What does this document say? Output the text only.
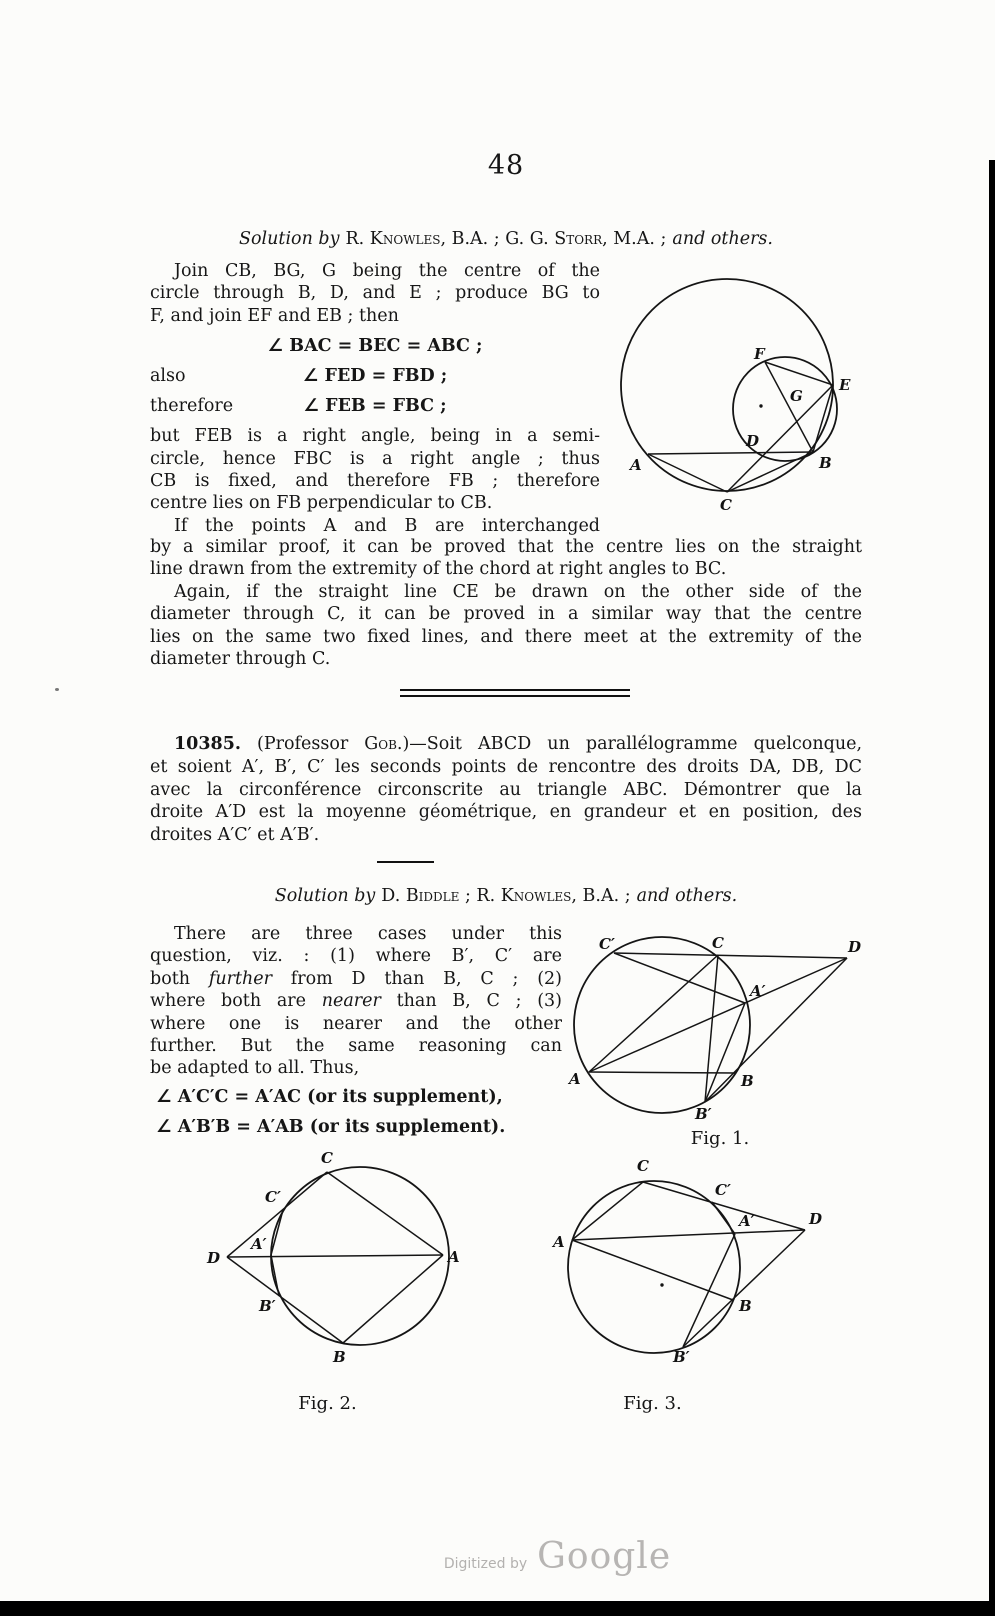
48
Solution by R. Knowles, B.A. ; G. G. Storr, M.A. ; and others.
Join CB, BG, G being the centre of the
circle through B, D, and E ; produce BG to
F, and join EF and EB ; then
∠ BAC = BEC = ABC ;
also	∠ FED = FBD ;
therefore	∠ FEB = FBC ;
but FEB is a right angle, being in a semi-
circle, hence FBC is a right angle ; thus
CB is fixed, and therefore FB ; therefore
centre lies on FB perpendicular to CB.
If the points A and B are interchanged
A	B
C
D
E
F
G
by a similar proof, it can be proved that the centre lies on the straight
line drawn from the extremity of the chord at right angles to BC.
Again, if the straight line CE be drawn on the other side of the
diameter through C, it can be proved in a similar way that the centre
lies on the same two fixed lines, and there meet at the extremity of the
diameter through C.
10385. (Professor Gob.)—Soit ABCD un parallélogramme quelconque,
et soient A′, B′, C′ les seconds points de rencontre des droits DA, DB, DC
avec la circonférence circonscrite au triangle ABC. Démontrer que la
droite A′D est la moyenne géométrique, en grandeur et en position, des
droites A′C′ et A′B′.
Solution by D. Biddle ; R. Knowles, B.A. ; and others.
There are three cases under this
question, viz. : (1) where B′, C′ are
both further from D than B, C ; (2)
where both are nearer than B, C ; (3)
where one is nearer and the other
further. But the same reasoning can
be adapted to all. Thus,
∠ A′C′C = A′AC (or its supplement),
∠ A′B′B = A′AB (or its supplement).
C′	C	D
A′
A	B
B′
Fig. 1.
D
A′
C′
C
A
B′
B
Fig. 2.
A
C
C′
A′	D
B
B′
Fig. 3.
Digitized by Google
